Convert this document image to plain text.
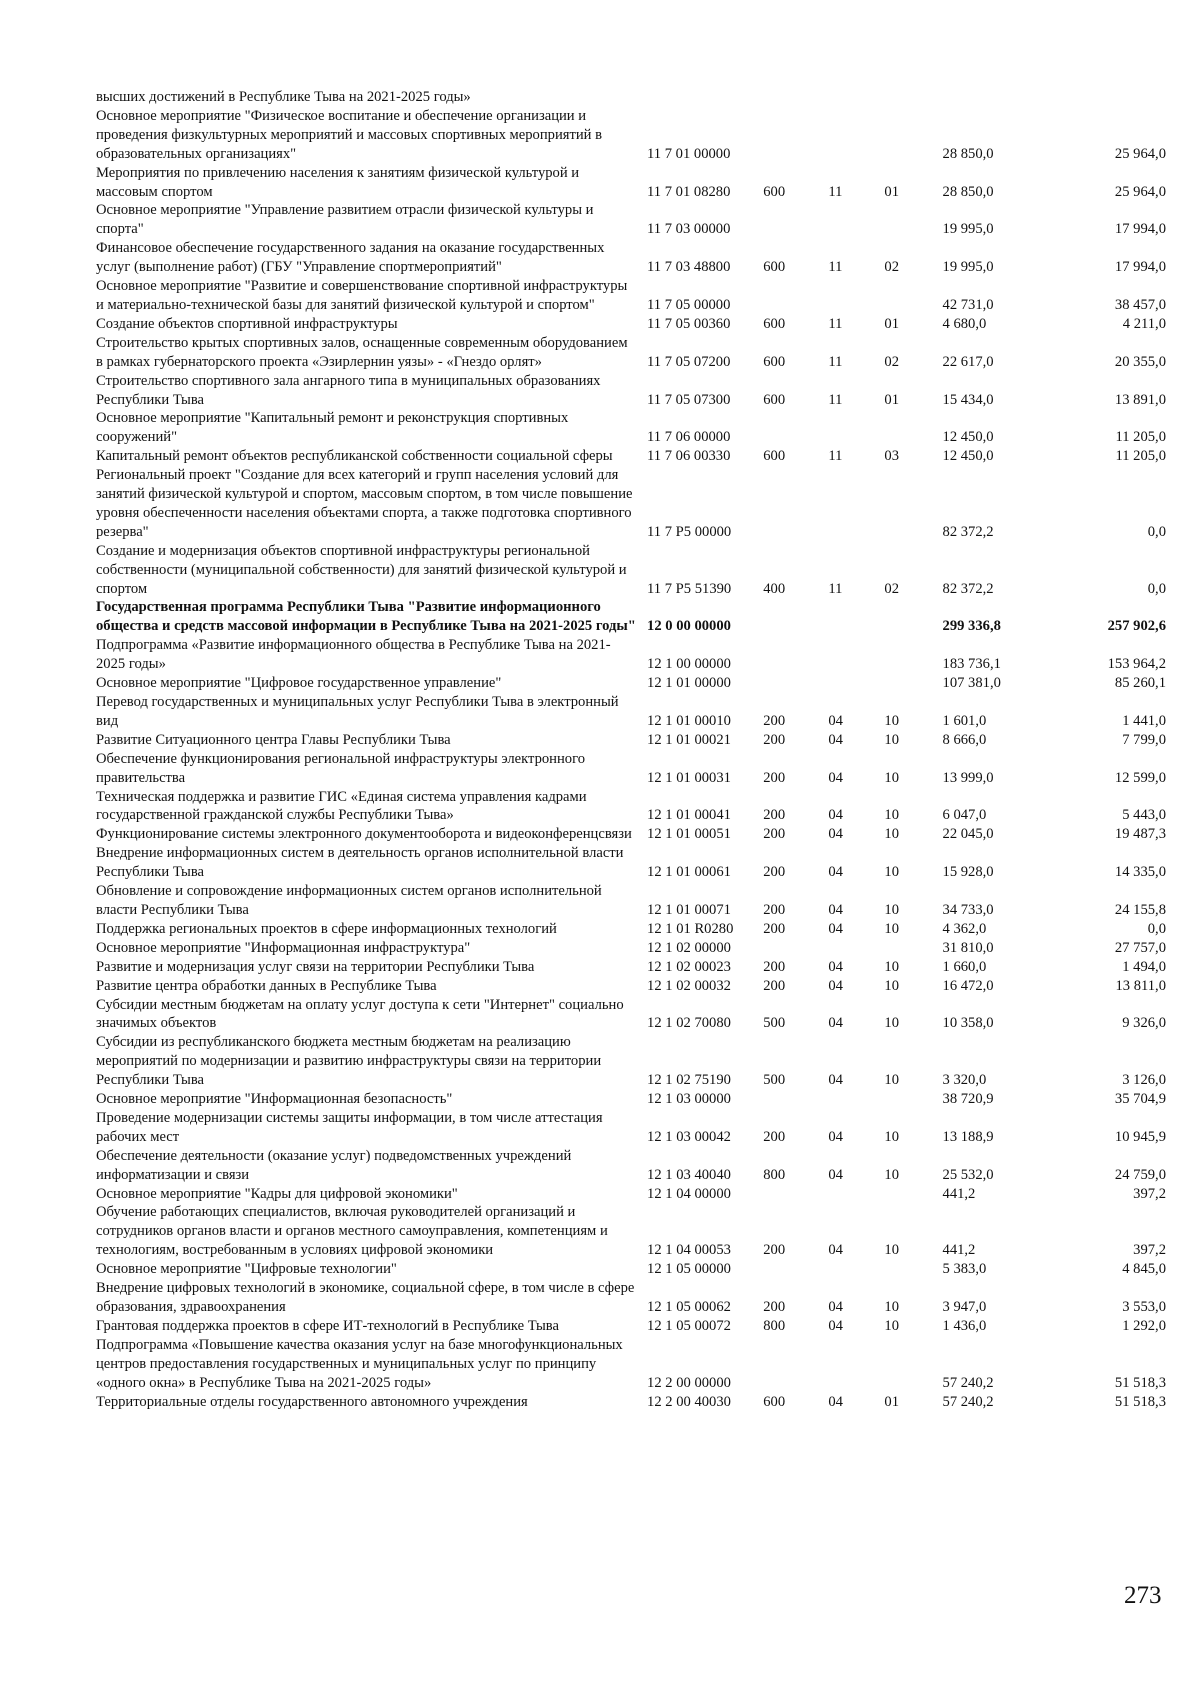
высших достижений в Республике Тыва на 2021-2025 годы»						
Основное мероприятие "Физическое воспитание и обеспечение организации и проведения физкультурных мероприятий и массовых спортивных мероприятий в образовательных организациях"	11 7 01 00000				28 850,0	25 964,0
Мероприятия по привлечению населения к занятиям физической культурой и массовым спортом	11 7 01 08280	600	11	01	28 850,0	25 964,0
Основное мероприятие "Управление развитием отрасли физической культуры и спорта"	11 7 03 00000				19 995,0	17 994,0
Финансовое обеспечение государственного задания на оказание государственных услуг (выполнение работ) (ГБУ "Управление спортмероприятий"	11 7 03 48800	600	11	02	19 995,0	17 994,0
Основное мероприятие "Развитие и совершенствование спортивной инфраструктуры и материально-технической базы для занятий физической культурой и спортом"	11 7 05 00000				42 731,0	38 457,0
Создание объектов спортивной инфраструктуры	11 7 05 00360	600	11	01	4 680,0	4 211,0
Строительство крытых спортивных залов, оснащенные современным оборудованием в рамках губернаторского проекта «Эзирлернин уязы» - «Гнездо орлят»	11 7 05 07200	600	11	02	22 617,0	20 355,0
Строительство спортивного зала ангарного типа в муниципальных образованиях Республики Тыва	11 7 05 07300	600	11	01	15 434,0	13 891,0
Основное мероприятие "Капитальный ремонт и реконструкция спортивных сооружений"	11 7 06 00000				12 450,0	11 205,0
Капитальный ремонт объектов республиканской собственности социальной сферы	11 7 06 00330	600	11	03	12 450,0	11 205,0
Региональный проект "Создание для всех категорий и групп населения условий для занятий физической культурой и спортом, массовым спортом, в том числе повышение уровня обеспеченности населения объектами спорта, а также подготовка спортивного резерва"	11 7 P5 00000				82 372,2	0,0
Создание и модернизация объектов спортивной инфраструктуры региональной собственности (муниципальной собственности) для занятий физической культурой и спортом	11 7 P5 51390	400	11	02	82 372,2	0,0
Государственная программа Республики Тыва "Развитие информационного общества и средств массовой информации в Республике Тыва на 2021-2025 годы"	12 0 00 00000				299 336,8	257 902,6
Подпрограмма «Развитие информационного общества в Республике Тыва на 2021-2025 годы»	12 1 00 00000				183 736,1	153 964,2
Основное мероприятие "Цифровое государственное управление"	12 1 01 00000				107 381,0	85 260,1
Перевод государственных и муниципальных услуг Республики Тыва в электронный вид	12 1 01 00010	200	04	10	1 601,0	1 441,0
Развитие Ситуационного центра Главы Республики Тыва	12 1 01 00021	200	04	10	8 666,0	7 799,0
Обеспечение функционирования региональной инфраструктуры электронного правительства	12 1 01 00031	200	04	10	13 999,0	12 599,0
Техническая поддержка и развитие ГИС «Единая система управления кадрами государственной гражданской службы Республики Тыва»	12 1 01 00041	200	04	10	6 047,0	5 443,0
Функционирование системы электронного документооборота и видеоконференцсвязи	12 1 01 00051	200	04	10	22 045,0	19 487,3
Внедрение информационных систем в деятельность органов исполнительной власти Республики Тыва	12 1 01 00061	200	04	10	15 928,0	14 335,0
Обновление и сопровождение информационных систем органов исполнительной власти Республики Тыва	12 1 01 00071	200	04	10	34 733,0	24 155,8
Поддержка региональных проектов в сфере информационных технологий	12 1 01 R0280	200	04	10	4 362,0	0,0
Основное мероприятие "Информационная инфраструктура"	12 1 02 00000				31 810,0	27 757,0
Развитие и модернизация услуг связи на территории Республики Тыва	12 1 02 00023	200	04	10	1 660,0	1 494,0
Развитие центра обработки данных в Республике Тыва	12 1 02 00032	200	04	10	16 472,0	13 811,0
Субсидии местным бюджетам на оплату услуг доступа к сети "Интернет" социально значимых объектов	12 1 02 70080	500	04	10	10 358,0	9 326,0
Субсидии из республиканского бюджета местным бюджетам на реализацию мероприятий по модернизации и развитию инфраструктуры связи на территории Республики Тыва	12 1 02 75190	500	04	10	3 320,0	3 126,0
Основное мероприятие "Информационная безопасность"	12 1 03 00000				38 720,9	35 704,9
Проведение модернизации системы защиты информации, в том числе аттестация рабочих мест	12 1 03 00042	200	04	10	13 188,9	10 945,9
Обеспечение деятельности (оказание услуг) подведомственных учреждений информатизации и связи	12 1 03 40040	800	04	10	25 532,0	24 759,0
Основное мероприятие "Кадры для цифровой экономики"	12 1 04 00000				441,2	397,2
Обучение работающих специалистов, включая руководителей организаций и сотрудников органов власти и органов местного самоуправления, компетенциям и технологиям, востребованным в условиях цифровой экономики	12 1 04 00053	200	04	10	441,2	397,2
Основное мероприятие "Цифровые технологии"	12 1 05 00000				5 383,0	4 845,0
Внедрение цифровых технологий в экономике, социальной сфере, в том числе в сфере образования, здравоохранения	12 1 05 00062	200	04	10	3 947,0	3 553,0
Грантовая поддержка проектов в сфере ИТ-технологий в Республике Тыва	12 1 05 00072	800	04	10	1 436,0	1 292,0
Подпрограмма «Повышение качества оказания услуг на базе многофункциональных центров предоставления государственных и муниципальных услуг по принципу «одного окна» в Республике Тыва на 2021-2025 годы»	12 2 00 00000				57 240,2	51 518,3
Территориальные отделы государственного автономного учреждения	12 2 00 40030	600	04	01	57 240,2	51 518,3
273
